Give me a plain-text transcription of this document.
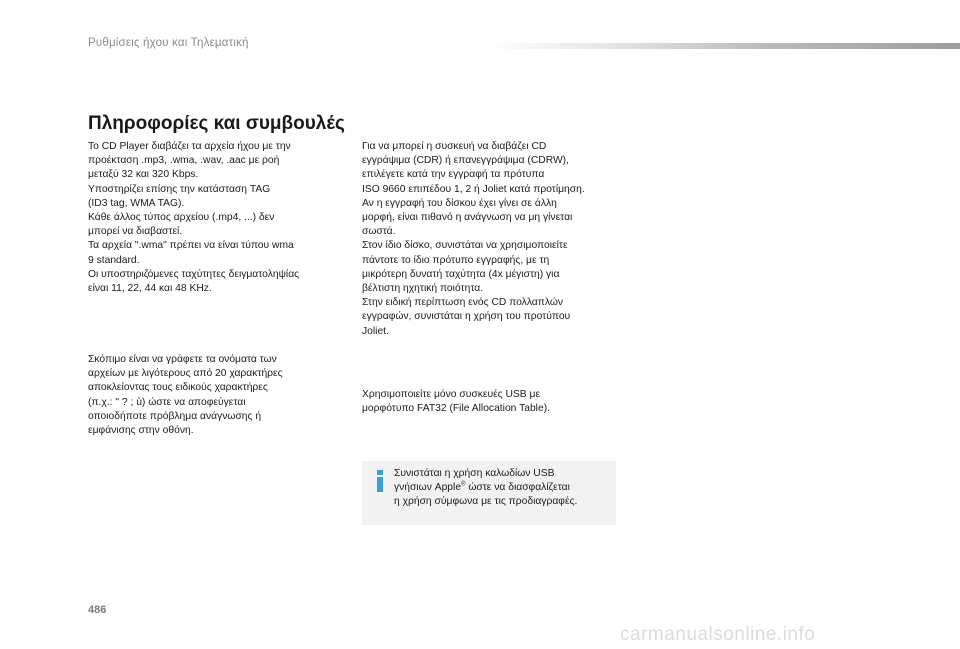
Ρυθμίσεις ήχου και Τηλεματική
Πληροφορίες και συμβουλές

Το CD Player διαβάζει τα αρχεία ήχου με την

προέκταση .mp3, .wma, .wav, .aac με ροή

μεταξύ 32 και 320 Kbps.

Υποστηρίζει επίσης την κατάσταση TAG

(ID3 tag, WMA TAG).

Κάθε άλλος τύπος αρχείου (.mp4, ...) δεν

μπορεί να διαβαστεί.

Τα αρχεία ".wma" πρέπει να είναι τύπου wma

9 standard.

Οι υποστηριζόμενες ταχύτητες δειγματοληψίας

είναι 11, 22, 44 και 48 KHz.

Σκόπιμο είναι να γράφετε τα ονόματα των

αρχείων με λιγότερους από 20 χαρακτήρες

αποκλείοντας τους ειδικούς χαρακτήρες

(π.χ.: " ? ; ù) ώστε να αποφεύγεται

οποιοδήποτε πρόβλημα ανάγνωσης ή

εμφάνισης στην οθόνη.

Για να μπορεί η συσκευή να διαβάζει CD

εγγράψιμα (CDR) ή επανεγγράψιμα (CDRW),

επιλέγετε κατά την εγγραφή τα πρότυπα

ISO 9660 επιπέδου 1, 2 ή Joliet κατά προτίμηση.

Αν η εγγραφή του δίσκου έχει γίνει σε άλλη

μορφή, είναι πιθανό η ανάγνωση να μη γίνεται

σωστά.

Στον ίδιο δίσκο, συνιστάται να χρησιμοποιείτε

πάντοτε το ίδιο πρότυπο εγγραφής, με τη

μικρότερη δυνατή ταχύτητα (4x μέγιστη) για

βέλτιστη ηχητική ποιότητα.

Στην ειδική περίπτωση ενός CD πολλαπλών

εγγραφών, συνιστάται η χρήση του προτύπου

Joliet.

Χρησιμοποιείτε μόνο συσκευές USB με

μορφότυπο FAT32 (File Allocation Table).

Συνιστάται η χρήση καλωδίων USB
γνήσιων Apple® ώστε να διασφαλίζεται
η χρήση σύμφωνα με τις προδιαγραφές.

486
carmanualsonline.info
